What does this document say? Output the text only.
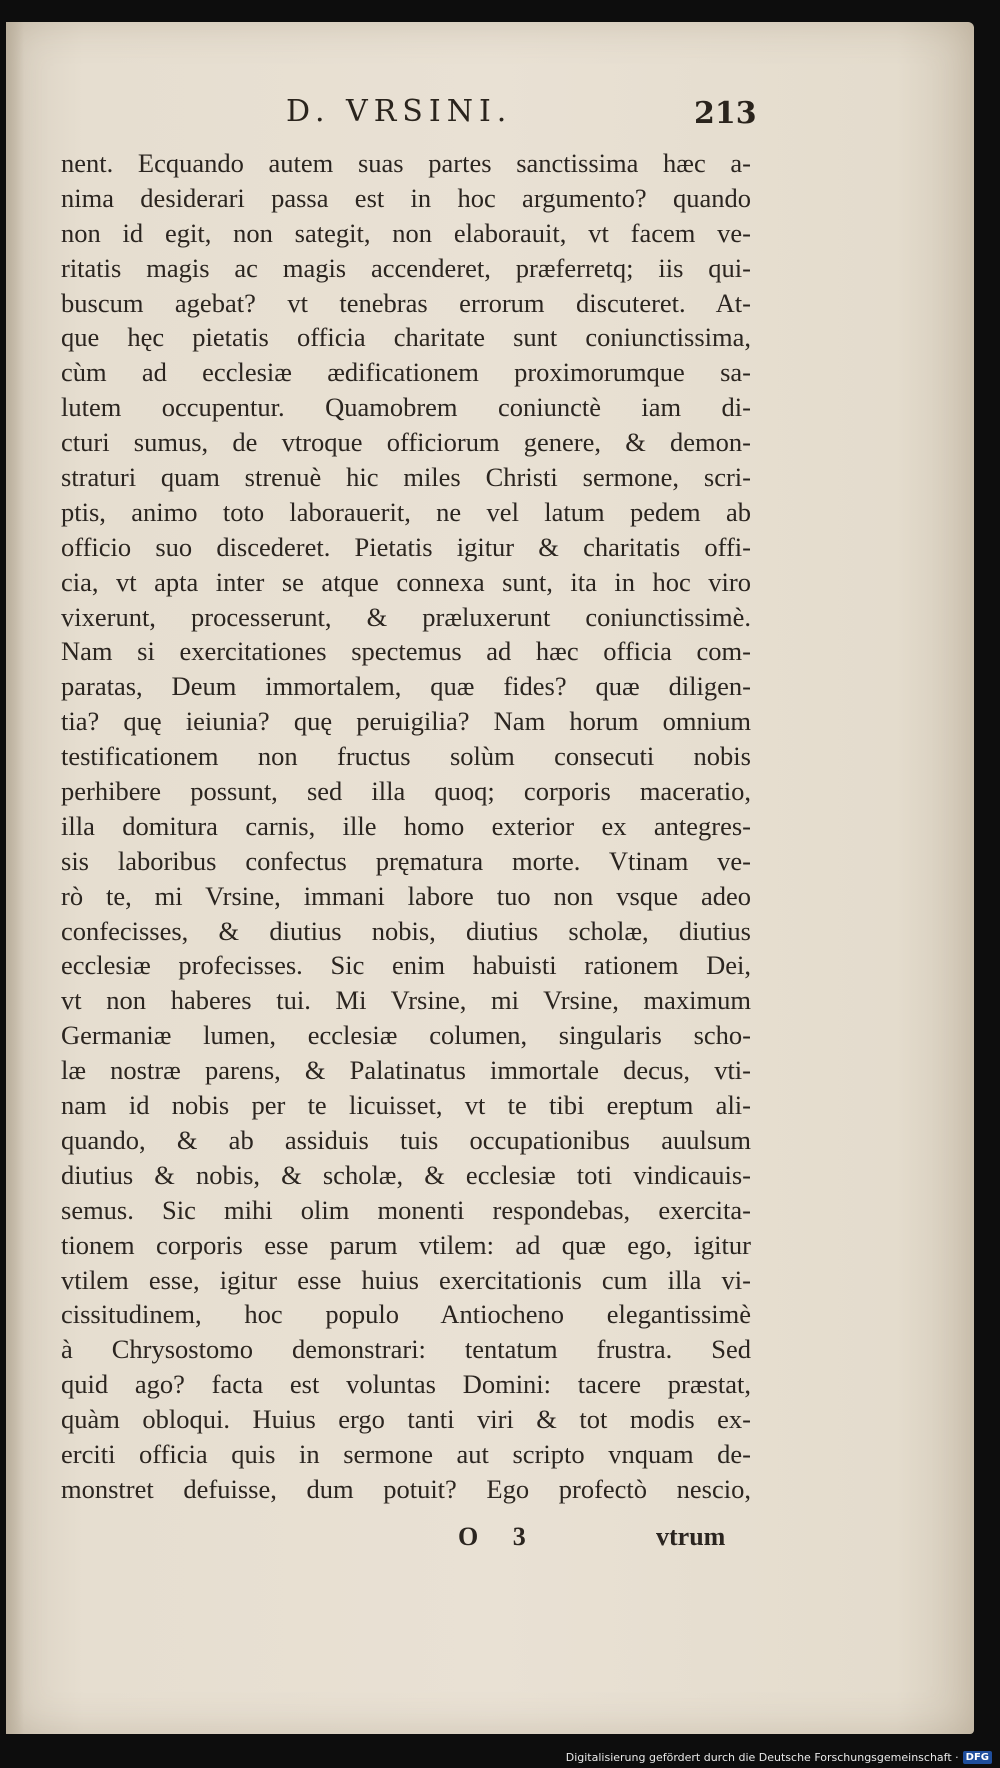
D. VRSINI.	213
nent. Ecquando autem suas partes sanctissima hæc a-
nima desiderari passa est in hoc argumento? quando
non id egit, non sategit, non elaborauit, vt facem ve-
ritatis magis ac magis accenderet, præferretq; iis qui-
buscum agebat? vt tenebras errorum discuteret. At-
que hęc pietatis officia charitate sunt coniunctissima,
cùm ad ecclesiæ ædificationem proximorumque sa-
lutem occupentur. Quamobrem coniunctè iam di-
cturi sumus, de vtroque officiorum genere, & demon-
straturi quam strenuè hic miles Christi sermone, scri-
ptis, animo toto laborauerit, ne vel latum pedem ab
officio suo discederet. Pietatis igitur & charitatis offi-
cia, vt apta inter se atque connexa sunt, ita in hoc viro
vixerunt, processerunt, & præluxerunt coniunctissimè.
Nam si exercitationes spectemus ad hæc officia com-
paratas, Deum immortalem, quæ fides? quæ diligen-
tia? quę ieiunia? quę peruigilia? Nam horum omnium
testificationem non fructus solùm consecuti nobis
perhibere possunt, sed illa quoq; corporis maceratio,
illa domitura carnis, ille homo exterior ex antegres-
sis laboribus confectus pręmatura morte. Vtinam ve-
rò te, mi Vrsine, immani labore tuo non vsque adeo
confecisses, & diutius nobis, diutius scholæ, diutius
ecclesiæ profecisses. Sic enim habuisti rationem Dei,
vt non haberes tui. Mi Vrsine, mi Vrsine, maximum
Germaniæ lumen, ecclesiæ columen, singularis scho-
læ nostræ parens, & Palatinatus immortale decus, vti-
nam id nobis per te licuisset, vt te tibi ereptum ali-
quando, & ab assiduis tuis occupationibus auulsum
diutius & nobis, & scholæ, & ecclesiæ toti vindicauis-
semus. Sic mihi olim monenti respondebas, exercita-
tionem corporis esse parum vtilem: ad quæ ego, igitur
vtilem esse, igitur esse huius exercitationis cum illa vi-
cissitudinem, hoc populo Antiocheno elegantissimè
à Chrysostomo demonstrari: tentatum frustra. Sed
quid ago? facta est voluntas Domini: tacere præstat,
quàm obloqui. Huius ergo tanti viri & tot modis ex-
erciti officia quis in sermone aut scripto vnquam de-
monstret defuisse, dum potuit? Ego profectò nescio,
O 3	vtrum
Digitalisierung gefördert durch die Deutsche Forschungsgemeinschaft · DFG
